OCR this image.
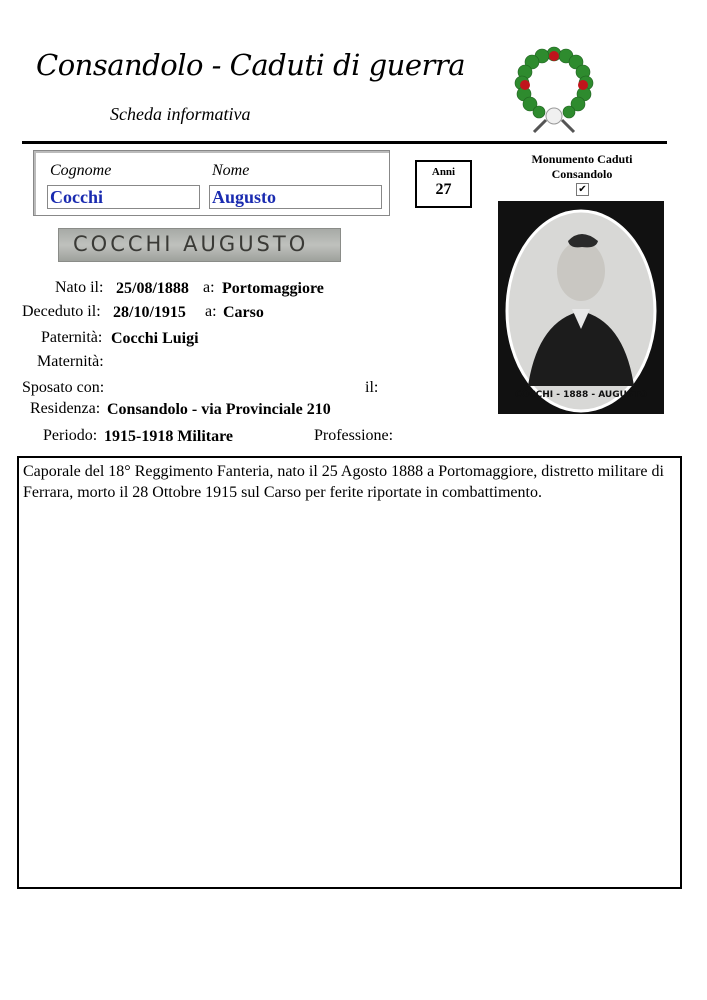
Consandolo - Caduti di guerra
Scheda informativa
Cognome	Nome
Cocchi	Augusto
Anni
27
Monumento Caduti
Consandolo
✔
COCCHI AUGUSTO
COCCHI - 1888 - AUGUSTO
Nato il: 25/08/1888 a: Portomaggiore
Deceduto il: 28/10/1915 a: Carso
Paternità: Cocchi Luigi
Maternità:
Sposato con:	il:
Residenza: Consandolo - via Provinciale 210
Periodo: 1915-1918 Militare	Professione:
Caporale del 18° Reggimento Fanteria, nato il 25 Agosto 1888 a Portomaggiore, distretto militare di Ferrara, morto il 28 Ottobre 1915 sul Carso per ferite riportate in combattimento.
